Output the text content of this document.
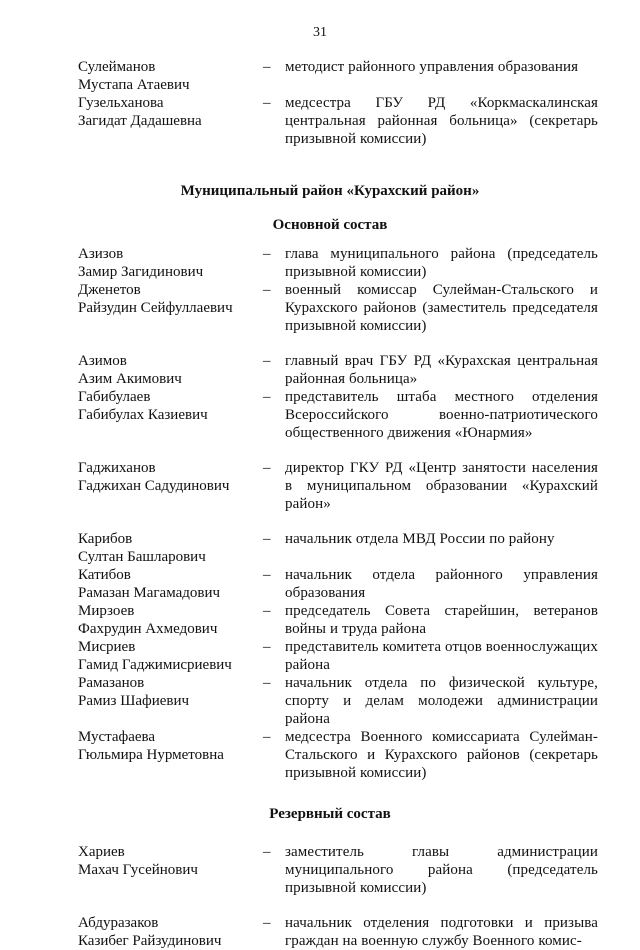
31
Сулейманов
Мустапа Атаевич
– методист районного управления образования
Гузельханова
Загидат Дадашевна
– медсестра ГБУ РД «Коркмаскалинская центральная районная больница» (секретарь призывной комиссии)
Муниципальный район «Курахский район»
Основной состав
Азизов
Замир Загидинович
– глава муниципального района (председатель призывной комиссии)
Дженетов
Райзудин Сейфуллаевич
– военный комиссар Сулейман-Стальского и Курахского районов (заместитель председателя призывной комиссии)
Азимов
Азим Акимович
– главный врач ГБУ РД «Курахская центральная районная больница»
Габибулаев
Габибулах Казиевич
– представитель штаба местного отделения Всероссийского военно-патриотического общественного движения «Юнармия»
Гаджиханов
Гаджихан Садудинович
– директор ГКУ РД «Центр занятости населения в муниципальном образовании «Курахский район»
Карибов
Султан Башларович
– начальник отдела МВД России по району
Катибов
Рамазан Магамадович
– начальник отдела районного управления образования
Мирзоев
Фахрудин Ахмедович
– председатель Совета старейшин, ветеранов войны и труда района
Мисриев
Гамид Гаджимисриевич
– представитель комитета отцов военнослужащих района
Рамазанов
Рамиз Шафиевич
– начальник отдела по физической культуре, спорту и делам молодежи администрации района
Мустафаева
Гюльмира Нурметовна
– медсестра Военного комиссариата Сулейман-Стальского и Курахского районов (секретарь призывной комиссии)
Резервный состав
Хариев
Махач Гусейнович
– заместитель главы администрации муниципального района (председатель призывной комиссии)
Абдуразаков
Казибег Райзудинович
– начальник отделения подготовки и призыва граждан на военную службу Военного комис-
